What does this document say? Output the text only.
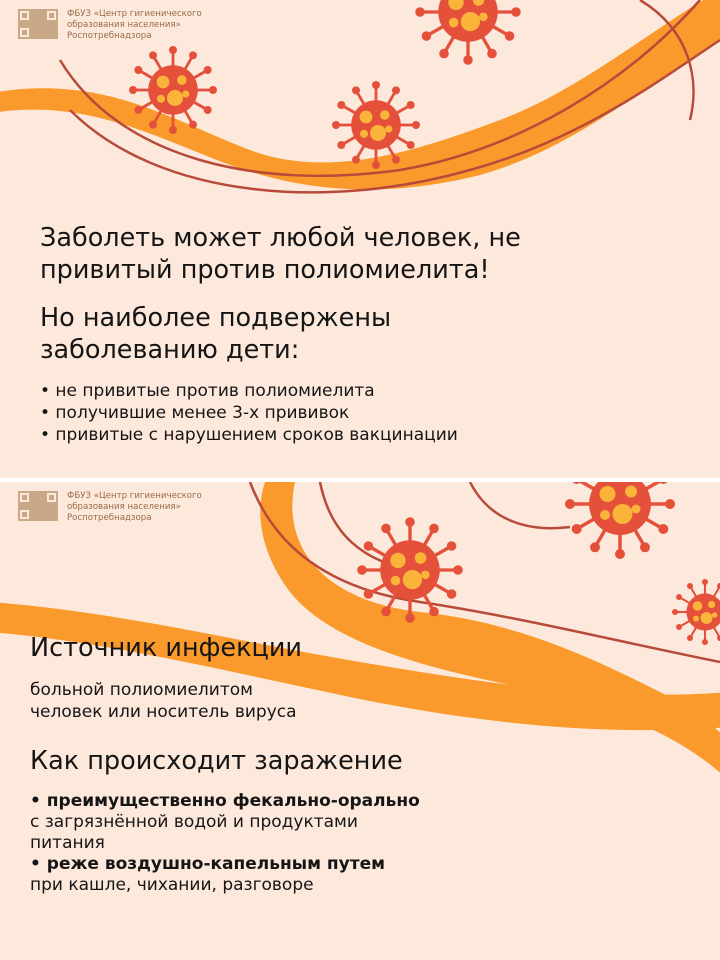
ФБУЗ «Центр гигиенического
образования населения»
Роспотребнадзора
Заболеть может любой человек, не
привитый против полиомиелита!
Но наиболее подвержены
заболеванию дети:
• не привитые против полиомиелита
• получившие менее 3-х прививок
• привитые с нарушением сроков вакцинации
ФБУЗ «Центр гигиенического
образования населения»
Роспотребнадзора
Источник инфекции
больной полиомиелитом
человек или носитель вируса
Как происходит заражение
• преимущественно фекально-орально
с загрязнённой водой и продуктами
питания
• реже воздушно-капельным путем
при кашле, чихании, разговоре
